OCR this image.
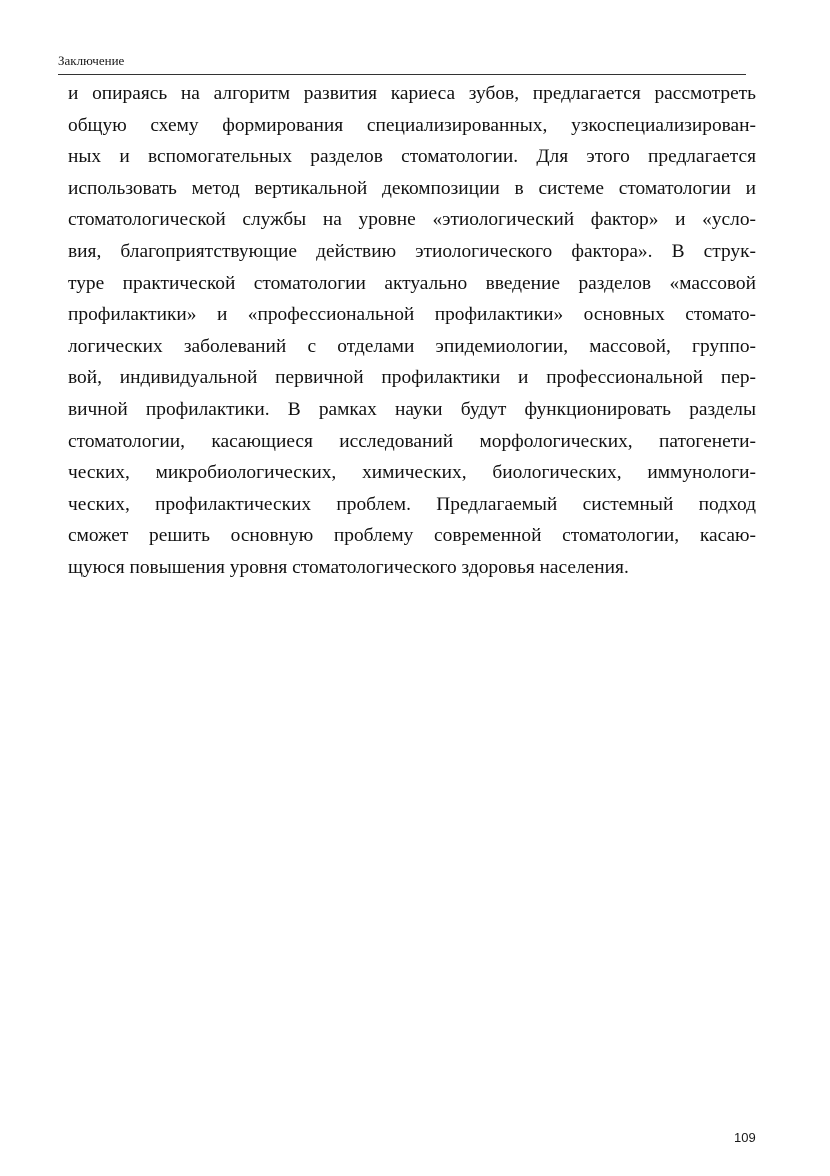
Заключение
и опираясь на алгоритм развития кариеса зубов, предлагается рассмотреть
общую схему формирования специализированных, узкоспециализирован-
ных и вспомогательных разделов стоматологии. Для этого предлагается
использовать метод вертикальной декомпозиции в системе стоматологии и
стоматологической службы на уровне «этиологический фактор» и «усло-
вия, благоприятствующие действию этиологического фактора». В струк-
туре практической стоматологии актуально введение разделов «массовой
профилактики» и «профессиональной профилактики» основных стомато-
логических заболеваний с отделами эпидемиологии, массовой, группо-
вой, индивидуальной первичной профилактики и профессиональной пер-
вичной профилактики. В рамках науки будут функционировать разделы
стоматологии, касающиеся исследований морфологических, патогенети-
ческих, микробиологических, химических, биологических, иммунологи-
ческих, профилактических проблем. Предлагаемый системный подход
сможет решить основную проблему современной стоматологии, касаю-
щуюся повышения уровня стоматологического здоровья населения.
109
